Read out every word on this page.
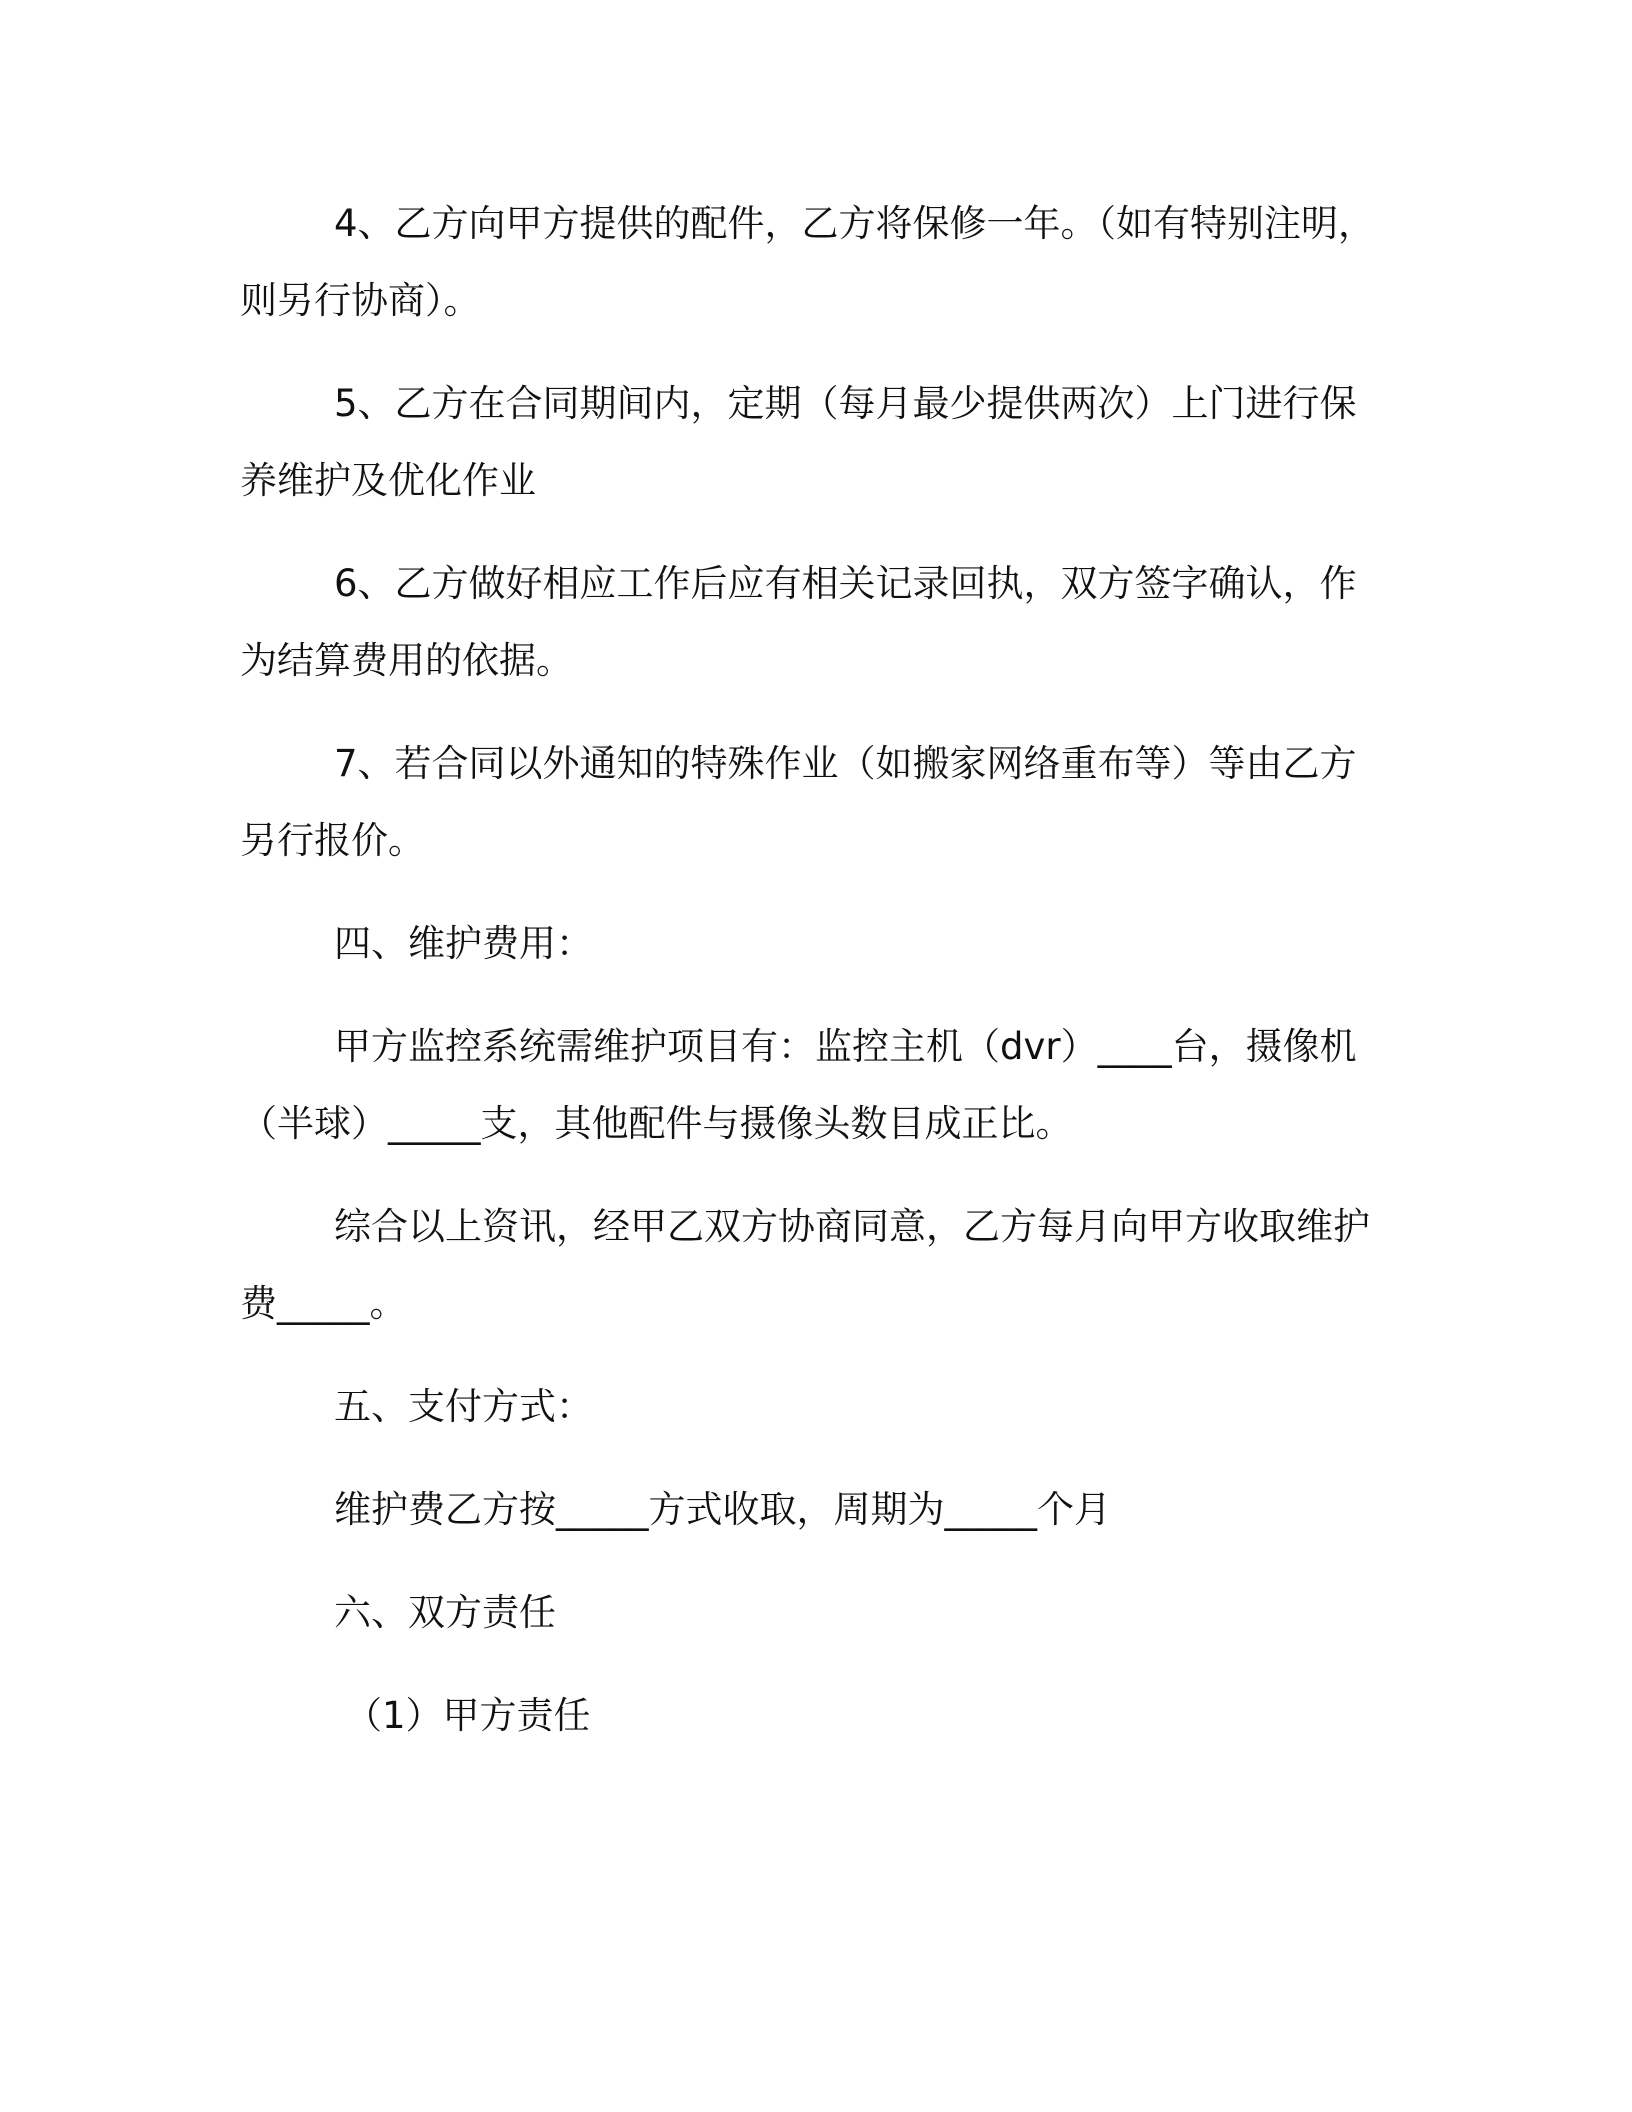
4、乙方向甲方提供的配件，乙方将保修一年。（如有特别注明，则另行协商）。

5、乙方在合同期间内，定期（每月最少提供两次）上门进行保养维护及优化作业

6、乙方做好相应工作后应有相关记录回执，双方签字确认，作为结算费用的依据。

7、若合同以外通知的特殊作业（如搬家网络重布等）等由乙方另行报价。

四、维护费用：

甲方监控系统需维护项目有：监控主机（dvr）____台，摄像机（半球）_____支，其他配件与摄像头数目成正比。

综合以上资讯，经甲乙双方协商同意，乙方每月向甲方收取维护费_____。

五、支付方式：

维护费乙方按_____方式收取，周期为_____个月

六、双方责任

（1）甲方责任
